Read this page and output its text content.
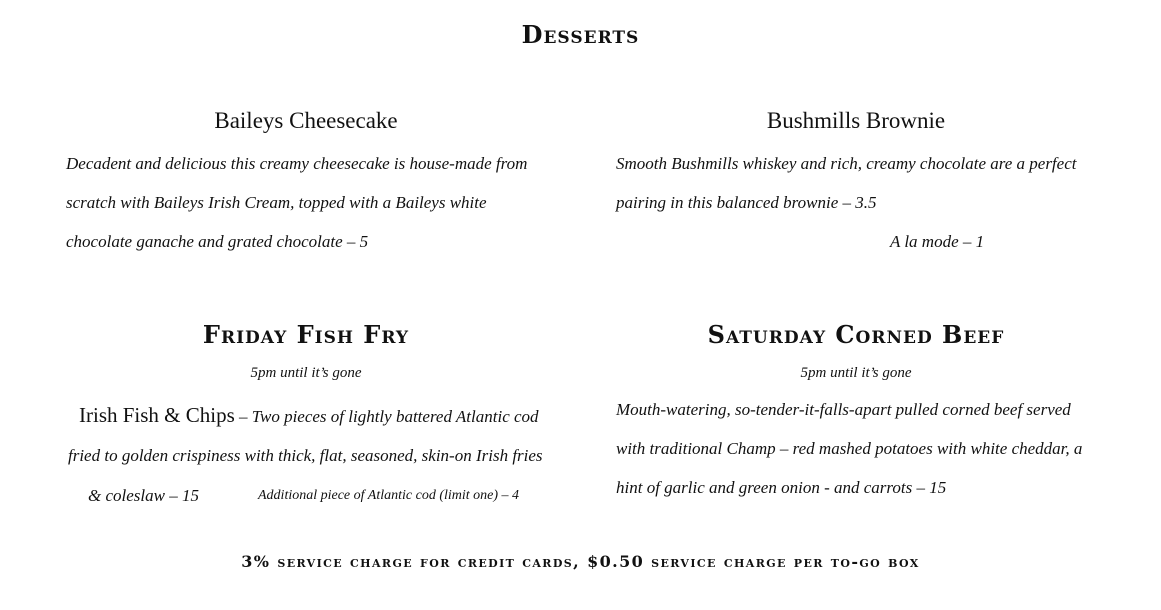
Desserts
Baileys Cheesecake
Decadent and delicious this creamy cheesecake is house-made from
scratch with Baileys Irish Cream, topped with a Baileys white
chocolate ganache and grated chocolate – 5
Bushmills Brownie
Smooth Bushmills whiskey and rich, creamy chocolate are a perfect
pairing in this balanced brownie – 3.5
A la mode – 1
Friday Fish Fry
5pm until it’s gone
Irish Fish & Chips – Two pieces of lightly battered Atlantic cod
fried to golden crispiness with thick, flat, seasoned, skin-on Irish fries
& coleslaw – 15	Additional piece of Atlantic cod (limit one) – 4
Saturday Corned Beef
5pm until it’s gone
Mouth-watering, so-tender-it-falls-apart pulled corned beef served
with traditional Champ – red mashed potatoes with white cheddar, a
hint of garlic and green onion - and carrots – 15
3% service charge for credit cards, $0.50 service charge per to-go box
